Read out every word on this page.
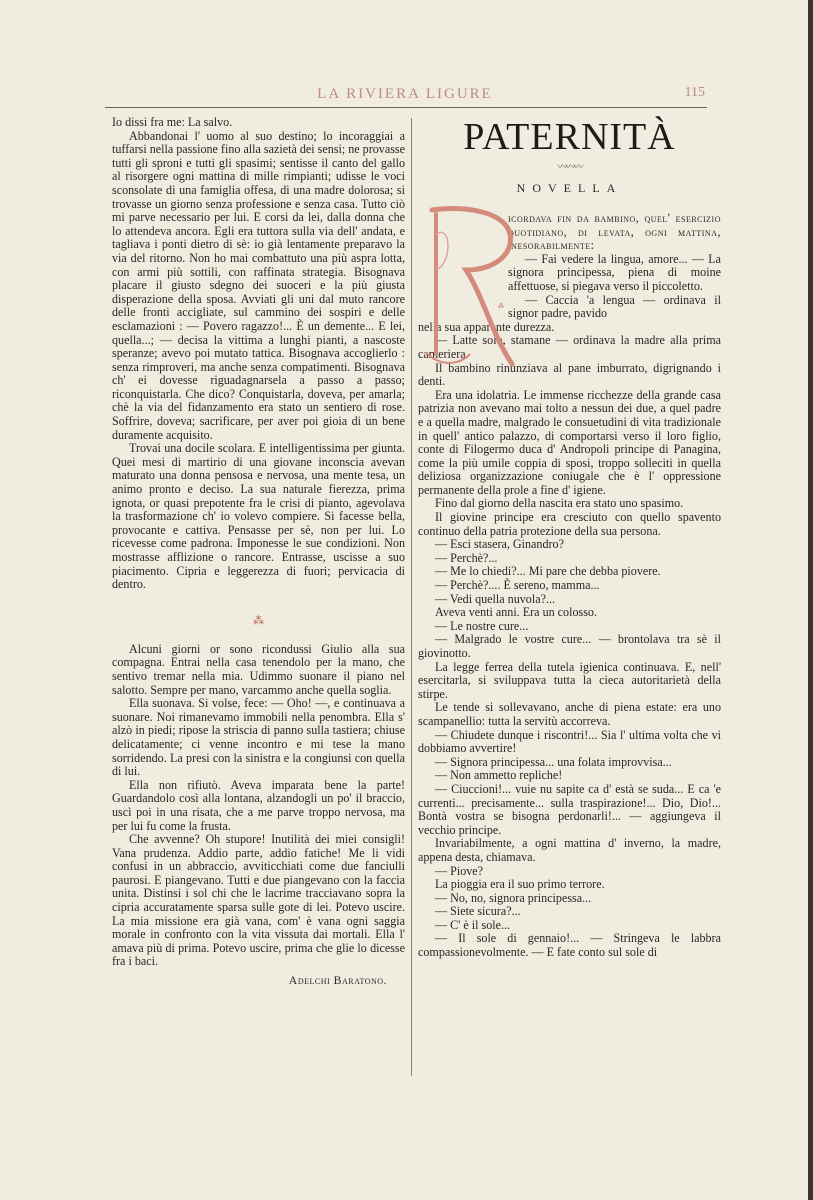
LA RIVIERA LIGURE	115

Io dissi fra me: La salvo.

Abbandonai l' uomo al suo destino; lo incoraggiai a tuffarsi nella passione fino alla sazietà dei sensi; ne provasse tutti gli sproni e tutti gli spasimi; sentisse il canto del gallo al risorgere ogni mattina di mille rimpianti; udisse le voci sconsolate di una famiglia offesa, di una madre dolorosa; si trovasse un giorno senza professione e senza casa. Tutto ciò mi parve necessario per lui. E corsi da lei, dalla donna che lo attendeva ancora. Egli era tuttora sulla via dell' andata, e tagliava i ponti dietro di sè: io già lentamente preparavo la via del ritorno. Non ho mai combattuto una più aspra lotta, con armi più sottili, con raffinata strategia. Bisognava placare il giusto sdegno dei suoceri e la più giusta disperazione della sposa. Avviati gli uni dal muto rancore delle fronti accigliate, sul cammino dei sospiri e delle esclamazioni : — Povero ragazzo!... È un demente... E lei, quella...; — decisa la vittima a lunghi pianti, a nascoste speranze; avevo poi mutato tattica. Bisognava accoglierlo : senza rimproveri, ma anche senza compatimenti. Bisognava ch' ei dovesse riguadagnarsela a passo a passo; riconquistarla. Che dico? Conquistarla, doveva, per amarla; chè la via del fidanzamento era stato un sentiero di rose. Soffrire, doveva; sacrificare, per aver poi gioia di un bene duramente acquisito.

Trovai una docile scolara. E intelligentissima per giunta. Quei mesi di martirio di una giovane inconscia avevan maturato una donna pensosa e nervosa, una mente tesa, un animo pronto e deciso. La sua naturale fierezza, prima ignota, or quasi prepotente fra le crisi di pianto, agevolava la trasformazione ch' io volevo compiere. Si facesse bella, provocante e cattiva. Pensasse per sè, non per lui. Lo ricevesse come padrona. Imponesse le sue condizioni. Non mostrasse afflizione o rancore. Entrasse, uscisse a suo piacimento. Cipria e leggerezza di fuori; pervicacia di dentro.

⁂

Alcuni giorni or sono ricondussi Giulio alla sua compagna. Entrai nella casa tenendolo per la mano, che sentivo tremar nella mia. Udimmo suonare il piano nel salotto. Sempre per mano, varcammo anche quella soglia.

Ella suonava. Si volse, fece: — Oho! —, e continuava a suonare. Noi rimanevamo immobili nella penombra. Ella s' alzò in piedi; ripose la striscia di panno sulla tastiera; chiuse delicatamente; ci venne incontro e mi tese la mano sorridendo. La presi con la sinistra e la congiunsi con quella di lui.

Ella non rifiutò. Aveva imparata bene la parte! Guardandolo così alla lontana, alzandogli un po' il braccio, uscì poi in una risata, che a me parve troppo nervosa, ma per lui fu come la frusta.

Che avvenne? Oh stupore! Inutilità dei miei consigli! Vana prudenza. Addio parte, addio fatiche! Me li vidi confusi in un abbraccio, avviticchiati come due fanciulli paurosi. E piangevano. Tutti e due piangevano con la faccia unita. Distinsi i sol chi che le lacrime tracciavano sopra la cipria accuratamente sparsa sulle gote di lei. Potevo uscire. La mia missione era già vana, com' è vana ogni saggia morale in confronto con la vita vissuta dai mortali. Ella l' amava più di prima. Potevo uscire, prima che glie lo dicesse fra i baci.

Adelchi Baratono.
PATERNITÀ
〰〰〰
NOVELLA
⁂
R

icordava fin da bambino, quel' esercizio quotidiano, di levata, ogni mattina, inesorabilmente:

— Fai vedere la lingua, amore... — La signora principessa, piena di moine affettuose, si piegava verso il piccoletto.

— Caccia 'a lengua — ordinava il signor padre, pavido

nella sua apparente durezza.

— Latte solo, stamane — ordinava la madre alla prima cameriera.

Il bambino rinunziava al pane imburrato, digrignando i denti.

Era una idolatria. Le immense ricchezze della grande casa patrizia non avevano mai tolto a nessun dei due, a quel padre e a quella madre, malgrado le consuetudini di vita tradizionale in quell' antico palazzo, di comportarsi verso il loro figlio, conte di Filogermo duca d' Andropoli principe di Panagina, come la più umile coppia di sposi, troppo solleciti in quella deliziosa organizzazione coniugale che è l' oppressione permanente della prole a fine d' igiene.

Fino dal giorno della nascita era stato uno spasimo.

Il giovine principe era cresciuto con quello spavento continuo della patria protezione della sua persona.

— Esci stasera, Ginandro?

— Perchè?...

— Me lo chiedi?... Mi pare che debba piovere.

— Perchè?.... È sereno, mamma...

— Vedi quella nuvola?...

Aveva venti anni. Era un colosso.

— Le nostre cure...

— Malgrado le vostre cure... — brontolava tra sè il giovinotto.

La legge ferrea della tutela igienica continuava. E, nell' esercitarla, si sviluppava tutta la cieca autoritarietà della stirpe.

Le tende si sollevavano, anche di piena estate: era uno scampanellio: tutta la servitù accorreva.

— Chiudete dunque i riscontri!... Sia l' ultima volta che vi dobbiamo avvertire!

— Signora principessa... una folata improvvisa...

— Non ammetto repliche!

— Ciuccioni!... vuie nu sapite ca d' està se suda... E ca 'e currenti... precisamente... sulla traspirazione!... Dio, Dio!... Bontà vostra se bisogna perdonarli!... — aggiungeva il vecchio principe.

Invariabilmente, a ogni mattina d' inverno, la madre, appena desta, chiamava.

— Piove?

La pioggia era il suo primo terrore.

— No, no, signora principessa...

— Siete sicura?...

— C' è il sole...

— Il sole di gennaio!... — Stringeva le labbra compassionevolmente. — E fate conto sul sole di
